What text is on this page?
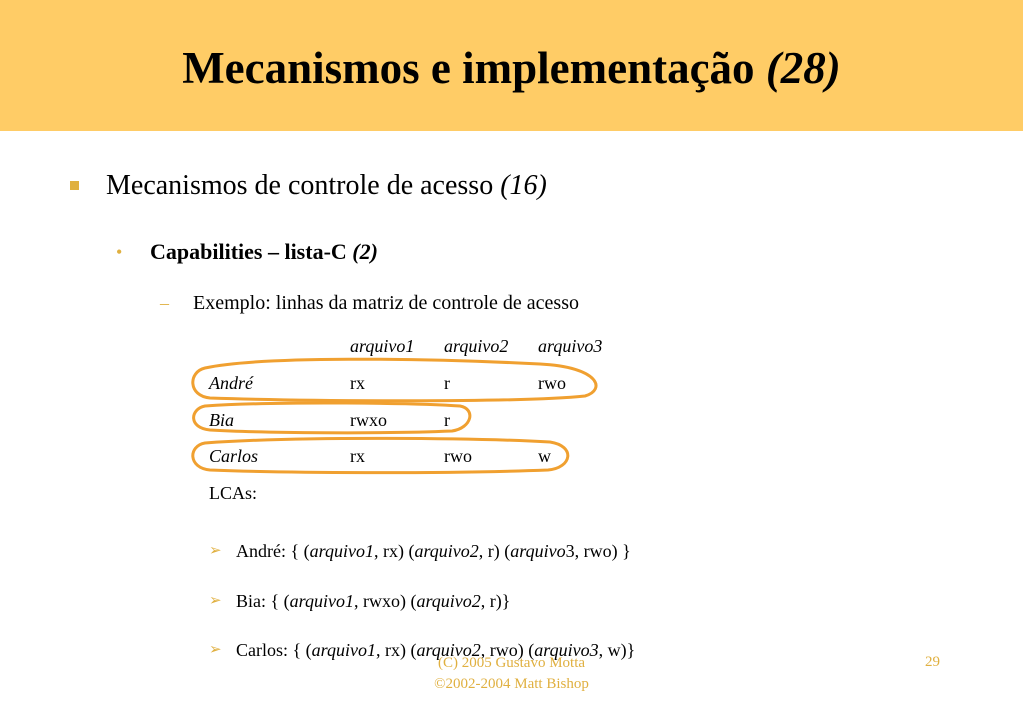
Mecanismos e implementação (28)
Mecanismos de controle de acesso (16)
• Capabilities – lista-C (2)
– Exemplo: linhas da matriz de controle de acesso
arquivo1 arquivo2 arquivo3
André	rx	r	rwo
Bia	rwxo	r
Carlos	rx	rwo	w
LCAs:
➢ André: { (arquivo1, rx) (arquivo2, r) (arquivo3, rwo) }
➢ Bia: { (arquivo1, rwxo) (arquivo2, r)}
➢ Carlos: { (arquivo1, rx) (arquivo2, rwo) (arquivo3, w)}
(C) 2005 Gustavo Motta
©2002-2004 Matt Bishop
29
